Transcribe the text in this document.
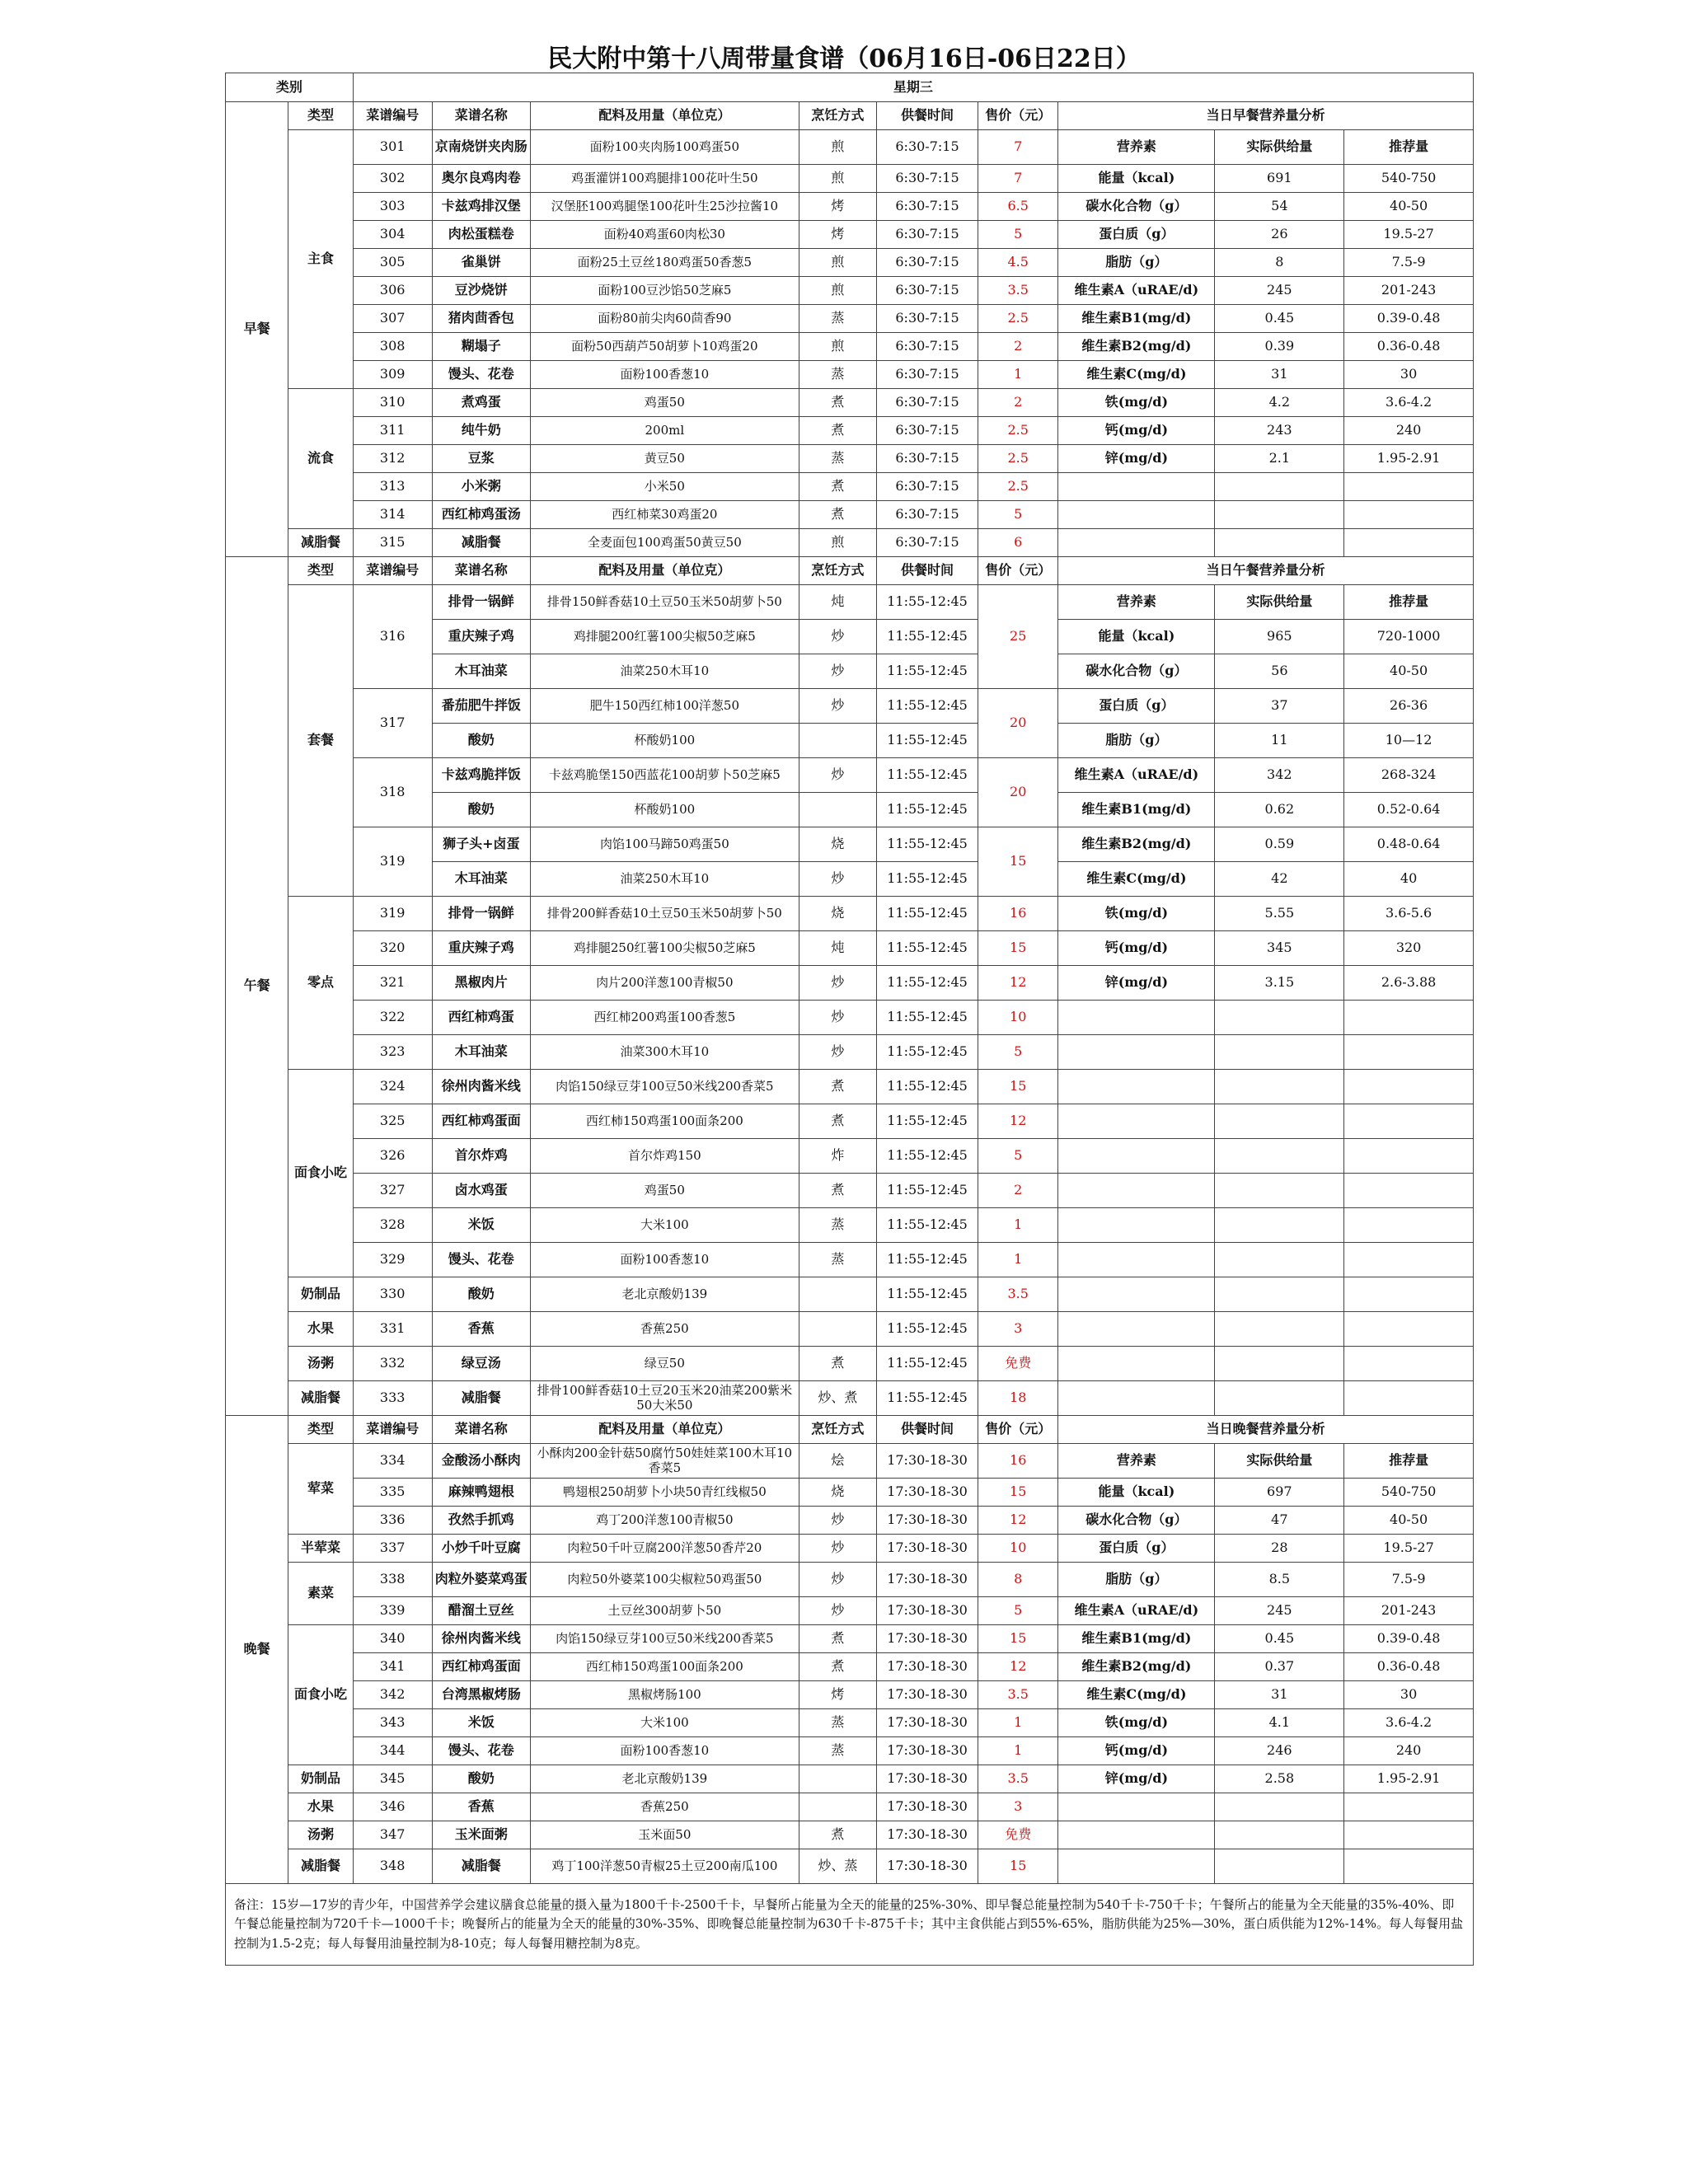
民大附中第十八周带量食谱（06月16日-06日22日）
类别		星期三								
早餐	类型	菜谱编号	菜谱名称	配料及用量（单位克）	烹饪方式	供餐时间	售价（元）	当日早餐营养量分析		
	主食	301	京南烧饼夹肉肠	面粉100夹肉肠100鸡蛋50	煎	6:30-7:15	7	营养素	实际供给量	推荐量
		302	奥尔良鸡肉卷	鸡蛋灌饼100鸡腿排100花叶生50	煎	6:30-7:15	7	能量（kcal)	691	540-750
		303	卡兹鸡排汉堡	汉堡胚100鸡腿堡100花叶生25沙拉酱10	烤	6:30-7:15	6.5	碳水化合物（g）	54	40-50
		304	肉松蛋糕卷	面粉40鸡蛋60肉松30	烤	6:30-7:15	5	蛋白质（g）	26	19.5-27
		305	雀巢饼	面粉25土豆丝180鸡蛋50香葱5	煎	6:30-7:15	4.5	脂肪（g）	8	7.5-9
		306	豆沙烧饼	面粉100豆沙馅50芝麻5	煎	6:30-7:15	3.5	维生素A（uRAE/d)	245	201-243
		307	猪肉茴香包	面粉80前尖肉60茴香90	蒸	6:30-7:15	2.5	维生素B1(mg/d)	0.45	0.39-0.48
		308	糊塌子	面粉50西葫芦50胡萝卜10鸡蛋20	煎	6:30-7:15	2	维生素B2(mg/d)	0.39	0.36-0.48
		309	馒头、花卷	面粉100香葱10	蒸	6:30-7:15	1	维生素C(mg/d)	31	30
	流食	310	煮鸡蛋	鸡蛋50	煮	6:30-7:15	2	铁(mg/d)	4.2	3.6-4.2
		311	纯牛奶	200ml	煮	6:30-7:15	2.5	钙(mg/d)	243	240
		312	豆浆	黄豆50	蒸	6:30-7:15	2.5	锌(mg/d)	2.1	1.95-2.91
		313	小米粥	小米50	煮	6:30-7:15	2.5			
		314	西红柿鸡蛋汤	西红柿菜30鸡蛋20	煮	6:30-7:15	5			
	减脂餐	315	减脂餐	全麦面包100鸡蛋50黄豆50	煎	6:30-7:15	6			
午餐	类型	菜谱编号	菜谱名称	配料及用量（单位克）	烹饪方式	供餐时间	售价（元）	当日午餐营养量分析		
	套餐	316	排骨一锅鲜	排骨150鲜香菇10土豆50玉米50胡萝卜50	炖	11:55-12:45	25	营养素	实际供给量	推荐量
			重庆辣子鸡	鸡排腿200红薯100尖椒50芝麻5	炒	11:55-12:45		能量（kcal)	965	720-1000
			木耳油菜	油菜250木耳10	炒	11:55-12:45		碳水化合物（g）	56	40-50
		317	番茄肥牛拌饭	肥牛150西红柿100洋葱50	炒	11:55-12:45	20	蛋白质（g）	37	26-36
			酸奶	杯酸奶100		11:55-12:45		脂肪（g）	11	10—12
		318	卡兹鸡脆拌饭	卡兹鸡脆堡150西蓝花100胡萝卜50芝麻5	炒	11:55-12:45	20	维生素A（uRAE/d)	342	268-324
			酸奶	杯酸奶100		11:55-12:45		维生素B1(mg/d)	0.62	0.52-0.64
		319	狮子头+卤蛋	肉馅100马蹄50鸡蛋50	烧	11:55-12:45	15	维生素B2(mg/d)	0.59	0.48-0.64
			木耳油菜	油菜250木耳10	炒	11:55-12:45		维生素C(mg/d)	42	40
	零点	319	排骨一锅鲜	排骨200鲜香菇10土豆50玉米50胡萝卜50	烧	11:55-12:45	16	铁(mg/d)	5.55	3.6-5.6
		320	重庆辣子鸡	鸡排腿250红薯100尖椒50芝麻5	炖	11:55-12:45	15	钙(mg/d)	345	320
		321	黑椒肉片	肉片200洋葱100青椒50	炒	11:55-12:45	12	锌(mg/d)	3.15	2.6-3.88
		322	西红柿鸡蛋	西红柿200鸡蛋100香葱5	炒	11:55-12:45	10			
		323	木耳油菜	油菜300木耳10	炒	11:55-12:45	5			
	面食小吃	324	徐州肉酱米线	肉馅150绿豆芽100豆50米线200香菜5	煮	11:55-12:45	15			
		325	西红柿鸡蛋面	西红柿150鸡蛋100面条200	煮	11:55-12:45	12			
		326	首尔炸鸡	首尔炸鸡150	炸	11:55-12:45	5			
		327	卤水鸡蛋	鸡蛋50	煮	11:55-12:45	2			
		328	米饭	大米100	蒸	11:55-12:45	1			
		329	馒头、花卷	面粉100香葱10	蒸	11:55-12:45	1			
	奶制品	330	酸奶	老北京酸奶139		11:55-12:45	3.5			
	水果	331	香蕉	香蕉250		11:55-12:45	3			
	汤粥	332	绿豆汤	绿豆50	煮	11:55-12:45	免费			
	减脂餐	333	减脂餐	排骨100鲜香菇10土豆20玉米20油菜200紫米50大米50	炒、煮	11:55-12:45	18			
晚餐	类型	菜谱编号	菜谱名称	配料及用量（单位克）	烹饪方式	供餐时间	售价（元）	当日晚餐营养量分析		
	荤菜	334	金酸汤小酥肉	小酥肉200金针菇50腐竹50娃娃菜100木耳10香菜5	烩	17:30-18-30	16	营养素	实际供给量	推荐量
		335	麻辣鸭翅根	鸭翅根250胡萝卜小块50青红线椒50	烧	17:30-18-30	15	能量（kcal)	697	540-750
		336	孜然手抓鸡	鸡丁200洋葱100青椒50	炒	17:30-18-30	12	碳水化合物（g）	47	40-50
	半荤菜	337	小炒千叶豆腐	肉粒50千叶豆腐200洋葱50香芹20	炒	17:30-18-30	10	蛋白质（g）	28	19.5-27
	素菜	338	肉粒外婆菜鸡蛋	肉粒50外婆菜100尖椒粒50鸡蛋50	炒	17:30-18-30	8	脂肪（g）	8.5	7.5-9
		339	醋溜土豆丝	土豆丝300胡萝卜50	炒	17:30-18-30	5	维生素A（uRAE/d)	245	201-243
	面食小吃	340	徐州肉酱米线	肉馅150绿豆芽100豆50米线200香菜5	煮	17:30-18-30	15	维生素B1(mg/d)	0.45	0.39-0.48
		341	西红柿鸡蛋面	西红柿150鸡蛋100面条200	煮	17:30-18-30	12	维生素B2(mg/d)	0.37	0.36-0.48
		342	台湾黑椒烤肠	黑椒烤肠100	烤	17:30-18-30	3.5	维生素C(mg/d)	31	30
		343	米饭	大米100	蒸	17:30-18-30	1	铁(mg/d)	4.1	3.6-4.2
		344	馒头、花卷	面粉100香葱10	蒸	17:30-18-30	1	钙(mg/d)	246	240
	奶制品	345	酸奶	老北京酸奶139		17:30-18-30	3.5	锌(mg/d)	2.58	1.95-2.91
	水果	346	香蕉	香蕉250		17:30-18-30	3			
	汤粥	347	玉米面粥	玉米面50	煮	17:30-18-30	免费			
	减脂餐	348	减脂餐	鸡丁100洋葱50青椒25土豆200南瓜100	炒、蒸	17:30-18-30	15			
备注：15岁—17岁的青少年，中国营养学会建议膳食总能量的摄入量为1800千卡-2500千卡，早餐所占能量为全天的能量的25%-30%、即早餐总能量控制为540千卡-750千卡；午餐所占的能量为全天能量的35%-40%、即午餐总能量控制为720千卡—1000千卡；晚餐所占的能量为全天的能量的30%-35%、即晚餐总能量控制为630千卡-875千卡；其中主食供能占到55%-65%，脂肪供能为25%—30%，蛋白质供能为12%-14%。每人每餐用盐控制为1.5-2克；每人每餐用油量控制为8-10克；每人每餐用糖控制为8克。										
